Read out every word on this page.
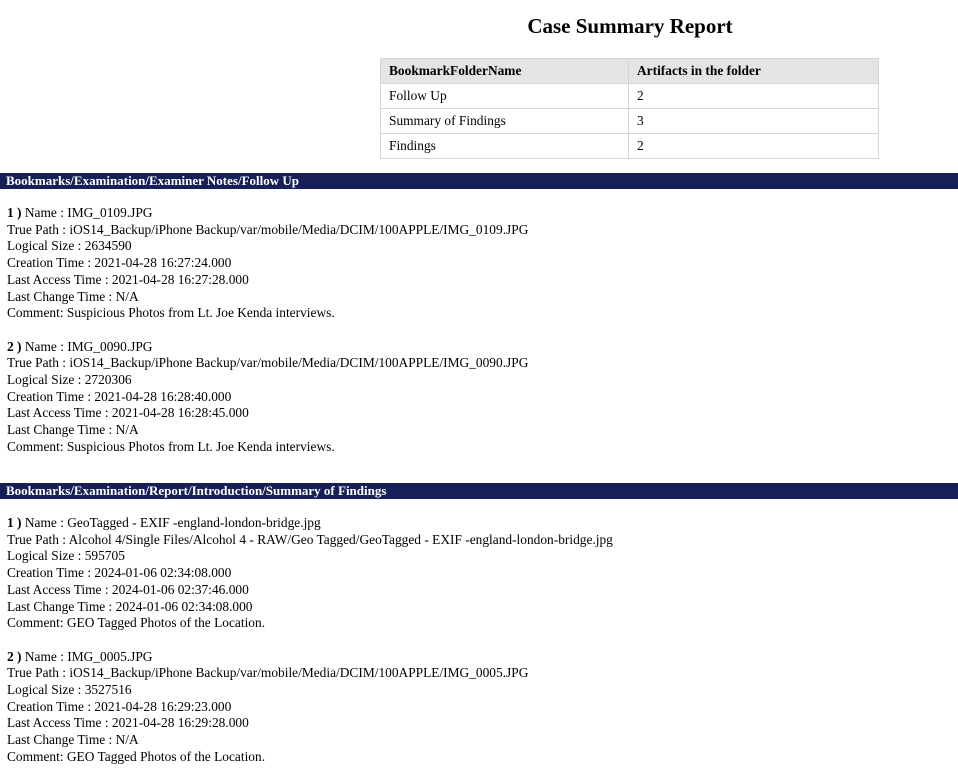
Case Summary Report
BookmarkFolderName	Artifacts in the folder
Follow Up	2
Summary of Findings	3
Findings	2
Bookmarks/Examination/Examiner Notes/Follow Up
1 ) Name : IMG_0109.JPG
True Path : iOS14_Backup/iPhone Backup/var/mobile/Media/DCIM/100APPLE/IMG_0109.JPG
Logical Size : 2634590
Creation Time : 2021-04-28 16:27:24.000
Last Access Time : 2021-04-28 16:27:28.000
Last Change Time : N/A
Comment: Suspicious Photos from Lt. Joe Kenda interviews.
2 ) Name : IMG_0090.JPG
True Path : iOS14_Backup/iPhone Backup/var/mobile/Media/DCIM/100APPLE/IMG_0090.JPG
Logical Size : 2720306
Creation Time : 2021-04-28 16:28:40.000
Last Access Time : 2021-04-28 16:28:45.000
Last Change Time : N/A
Comment: Suspicious Photos from Lt. Joe Kenda interviews.
Bookmarks/Examination/Report/Introduction/Summary of Findings
1 ) Name : GeoTagged - EXIF -england-london-bridge.jpg
True Path : Alcohol 4/Single Files/Alcohol 4 - RAW/Geo Tagged/GeoTagged - EXIF -england-london-bridge.jpg
Logical Size : 595705
Creation Time : 2024-01-06 02:34:08.000
Last Access Time : 2024-01-06 02:37:46.000
Last Change Time : 2024-01-06 02:34:08.000
Comment: GEO Tagged Photos of the Location.
2 ) Name : IMG_0005.JPG
True Path : iOS14_Backup/iPhone Backup/var/mobile/Media/DCIM/100APPLE/IMG_0005.JPG
Logical Size : 3527516
Creation Time : 2021-04-28 16:29:23.000
Last Access Time : 2021-04-28 16:29:28.000
Last Change Time : N/A
Comment: GEO Tagged Photos of the Location.
